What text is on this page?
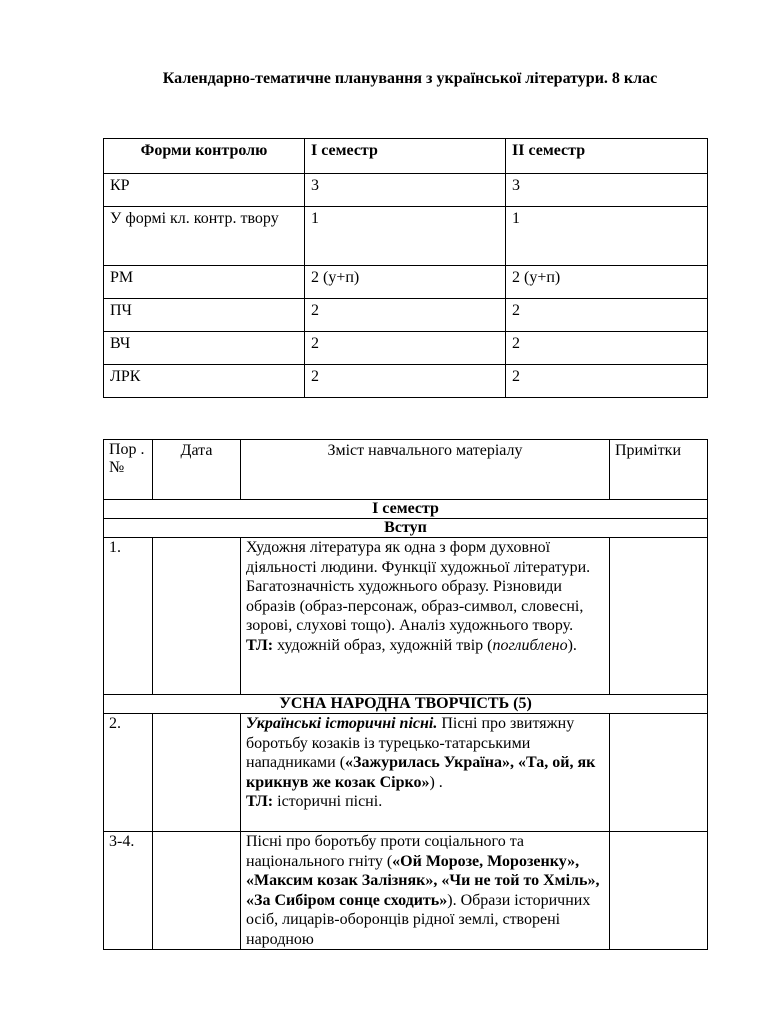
Календарно-тематичне планування з української літератури. 8 клас
Форми контролю	І семестр	ІІ семестр
КР	3	3
У формі кл. контр. твору	1	1
РМ	2 (у+п)	2 (у+п)
ПЧ	2	2
ВЧ	2	2
ЛРК	2	2
Пор . №	Дата	Зміст навчального матеріалу	Примітки
І семестр			
Вступ			
1.		Художня література як одна з форм духовної діяльності людини. Функції художньої літератури. Багатозначність художнього образу. Різновиди образів (образ-персонаж, образ-символ, словесні, зорові, слухові тощо). Аналіз художнього твору.
ТЛ: художній образ, художній твір (поглиблено).	
УСНА НАРОДНА ТВОРЧІСТЬ (5)			
2.		Українські історичні пісні. Пісні про звитяжну боротьбу козаків із турецько-татарськими нападниками («Зажурилась Україна», «Та, ой, як крикнув же козак Сірко») .
ТЛ: історичні пісні.	
3-4.		Пісні про боротьбу проти соціального та національного гніту («Ой Морозе, Морозенку», «Максим козак Залізняк», «Чи не той то Хміль», «За Сибіром сонце сходить»). Образи історичних осіб, лицарів-оборонців рідної землі, створені народною	
